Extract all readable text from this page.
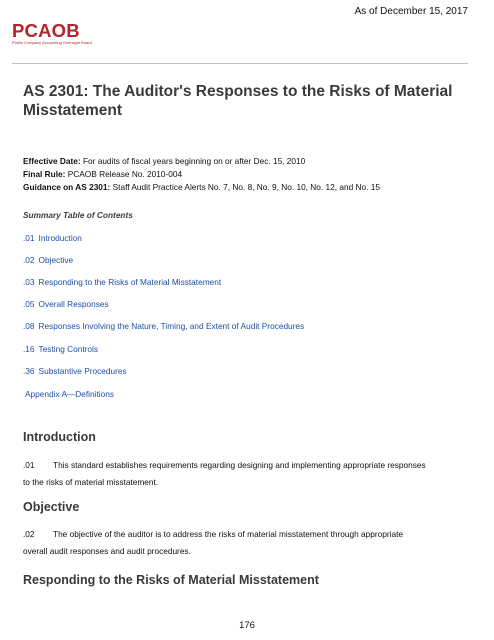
As of December 15, 2017
PCAOB
Public Company Accounting Oversight Board
AS 2301: The Auditor's Responses to the Risks of Material Misstatement
Effective Date: For audits of fiscal years beginning on or after Dec. 15, 2010
Final Rule: PCAOB Release No. 2010-004
Guidance on AS 2301: Staff Audit Practice Alerts No. 7, No. 8, No. 9, No. 10, No. 12, and No. 15
Summary Table of Contents
.01 Introduction
.02 Objective
.03 Responding to the Risks of Material Misstatement
.05 Overall Responses
.08 Responses Involving the Nature, Timing, and Extent of Audit Procedures
.16 Testing Controls
.36 Substantive Procedures
Appendix A—Definitions
Introduction
.01 This standard establishes requirements regarding designing and implementing appropriate responses
to the risks of material misstatement.
Objective
.02 The objective of the auditor is to address the risks of material misstatement through appropriate
overall audit responses and audit procedures.
Responding to the Risks of Material Misstatement
176
